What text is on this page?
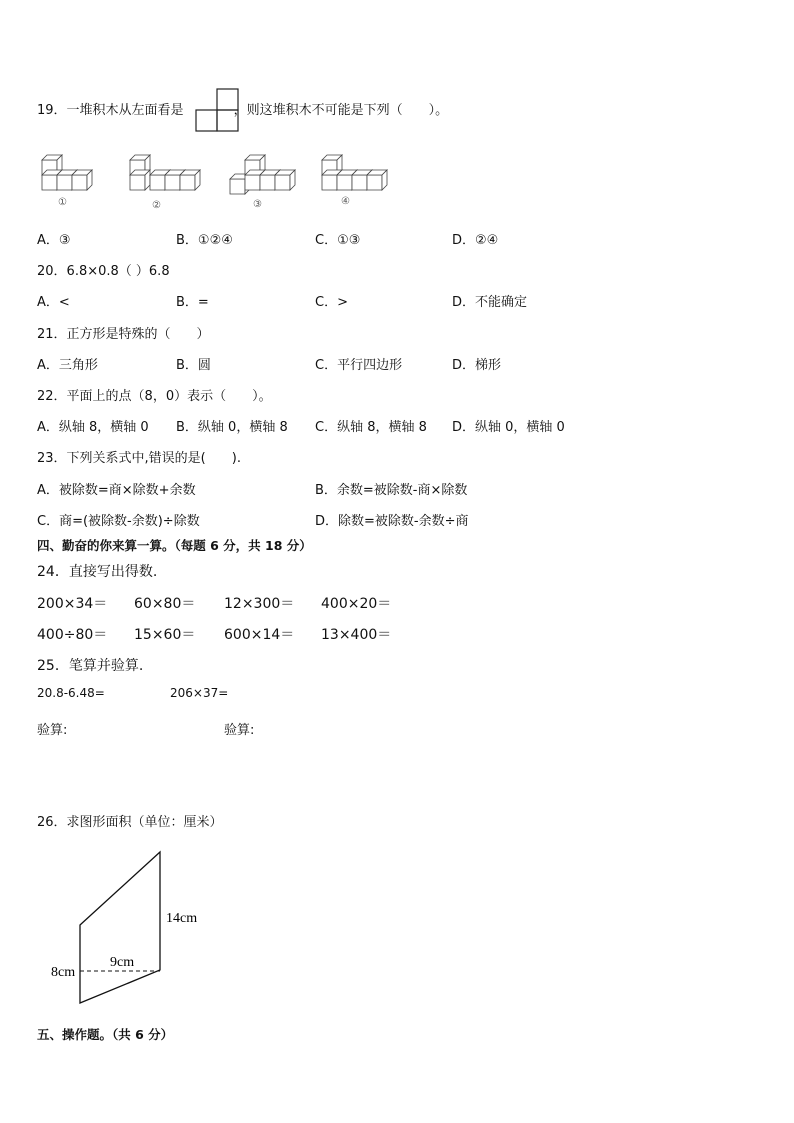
19．一堆积木从左面看是	，则这堆积木不可能是下列（　　）。
①	②	③	④
A．③	B．①②④	C．①③	D．②④
20．6.8×0.8（ ）6.8
A．<	B．=	C．>	D．不能确定
21．正方形是特殊的（　　）
A．三角形	B．圆	C．平行四边形	D．梯形
22．平面上的点（8，0）表示（　　）。
A．纵轴 8，横轴 0 B．纵轴 0，横轴 8 C．纵轴 8，横轴 8 D．纵轴 0，横轴 0
23．下列关系式中,错误的是(　　).
A．被除数=商×除数+余数	B．余数=被除数-商×除数
C．商=(被除数-余数)÷除数	D．除数=被除数-余数÷商
四、勤奋的你来算一算。（每题 6 分，共 18 分）
24．直接写出得数.
200×34＝ 60×80＝ 12×300＝ 400×20＝
400÷80＝ 15×60＝ 600×14＝ 13×400＝
25．笔算并验算.
20.8-6.48=	206×37=
验算:	验算:
26．求图形面积（单位：厘米）
14cm
9cm
8cm
五、操作题。（共 6 分）
